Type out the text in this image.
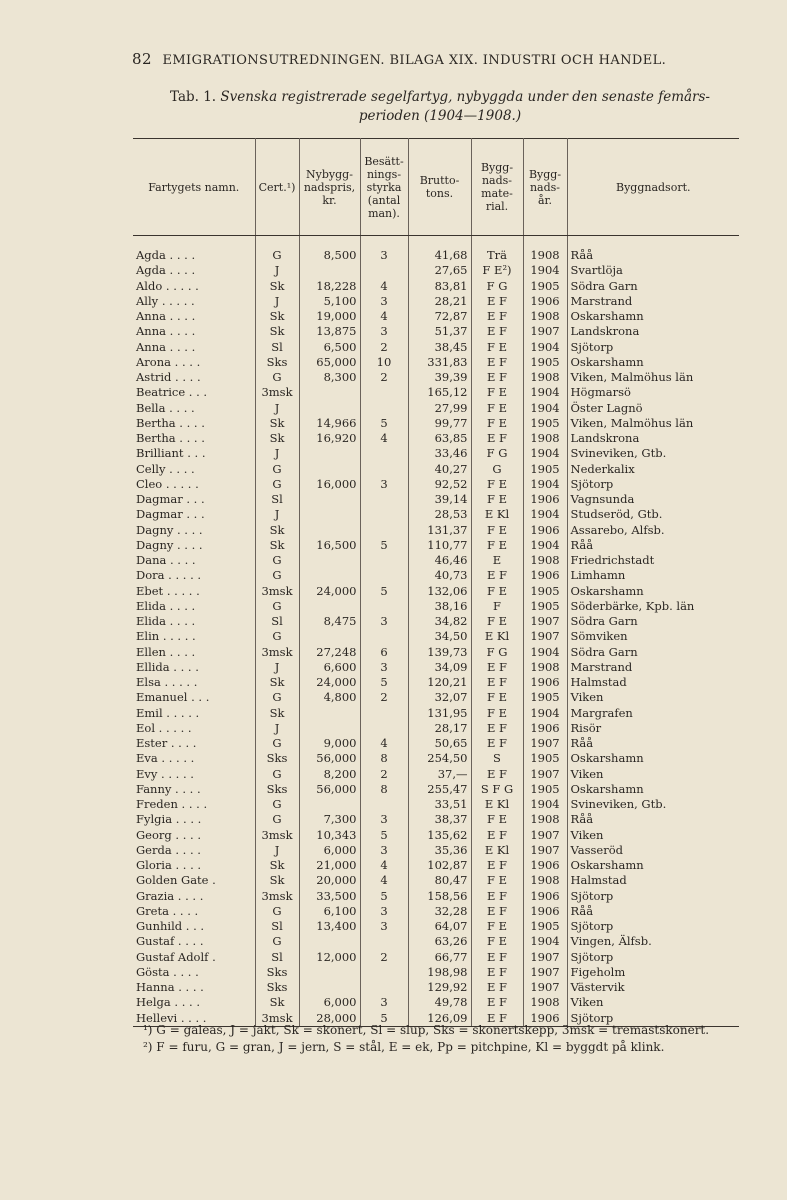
82 EMIGRATIONSUTREDNINGEN. BILAGA XIX. INDUSTRI OCH HANDEL.
Tab. 1. Svenska registrerade segelfartyg, nybyggda under den senaste femårs-
perioden (1904—1908.)
Fartygets namn.	Cert.¹)	Nybygg-nadspris, kr.	Besätt-nings-styrka (antal man).	Brutto-tons.	Bygg-nads-mate-rial.	Bygg-nads-år.	Byggnadsort.
Agda . . . .	G	8,500	3	41,68	Trä	1908	Råå
Agda . . . .	J			27,65	F E²)	1904	Svartlöja
Aldo . . . . .	Sk	18,228	4	83,81	F G	1905	Södra Garn
Ally . . . . .	J	5,100	3	28,21	E F	1906	Marstrand
Anna . . . .	Sk	19,000	4	72,87	E F	1908	Oskarshamn
Anna . . . .	Sk	13,875	3	51,37	E F	1907	Landskrona
Anna . . . .	Sl	6,500	2	38,45	F E	1904	Sjötorp
Arona . . . .	Sks	65,000	10	331,83	E F	1905	Oskarshamn
Astrid . . . .	G	8,300	2	39,39	E F	1908	Viken, Malmöhus län
Beatrice . . .	3msk			165,12	F E	1904	Högmarsö
Bella . . . .	J			27,99	F E	1904	Öster Lagnö
Bertha . . . .	Sk	14,966	5	99,77	F E	1905	Viken, Malmöhus län
Bertha . . . .	Sk	16,920	4	63,85	E F	1908	Landskrona
Brilliant . . .	J			33,46	F G	1904	Svineviken, Gtb.
Celly . . . .	G			40,27	G	1905	Nederkalix
Cleo . . . . .	G	16,000	3	92,52	F E	1904	Sjötorp
Dagmar . . .	Sl			39,14	F E	1906	Vagnsunda
Dagmar . . .	J			28,53	E Kl	1904	Studseröd, Gtb.
Dagny . . . .	Sk			131,37	F E	1906	Assarebo, Alfsb.
Dagny . . . .	Sk	16,500	5	110,77	F E	1904	Råå
Dana . . . .	G			46,46	E	1908	Friedrichstadt
Dora . . . . .	G			40,73	E F	1906	Limhamn
Ebet . . . . .	3msk	24,000	5	132,06	F E	1905	Oskarshamn
Elida . . . .	G			38,16	F	1905	Söderbärke, Kpb. län
Elida . . . .	Sl	8,475	3	34,82	F E	1907	Södra Garn
Elin . . . . .	G			34,50	E Kl	1907	Sömviken
Ellen . . . .	3msk	27,248	6	139,73	F G	1904	Södra Garn
Ellida . . . .	J	6,600	3	34,09	E F	1908	Marstrand
Elsa . . . . .	Sk	24,000	5	120,21	E F	1906	Halmstad
Emanuel . . .	G	4,800	2	32,07	F E	1905	Viken
Emil . . . . .	Sk			131,95	F E	1904	Margrafen
Eol . . . . .	J			28,17	E F	1906	Risör
Ester . . . .	G	9,000	4	50,65	E F	1907	Råå
Eva . . . . .	Sks	56,000	8	254,50	S	1905	Oskarshamn
Evy . . . . .	G	8,200	2	37,—	E F	1907	Viken
Fanny . . . .	Sks	56,000	8	255,47	S F G	1905	Oskarshamn
Freden . . . .	G			33,51	E Kl	1904	Svineviken, Gtb.
Fylgia . . . .	G	7,300	3	38,37	F E	1908	Råå
Georg . . . .	3msk	10,343	5	135,62	E F	1907	Viken
Gerda . . . .	J	6,000	3	35,36	E Kl	1907	Vasseröd
Gloria . . . .	Sk	21,000	4	102,87	E F	1906	Oskarshamn
Golden Gate .	Sk	20,000	4	80,47	F E	1908	Halmstad
Grazia . . . .	3msk	33,500	5	158,56	E F	1906	Sjötorp
Greta . . . .	G	6,100	3	32,28	E F	1906	Råå
Gunhild . . .	Sl	13,400	3	64,07	F E	1905	Sjötorp
Gustaf . . . .	G			63,26	F E	1904	Vingen, Älfsb.
Gustaf Adolf .	Sl	12,000	2	66,77	E F	1907	Sjötorp
Gösta . . . .	Sks			198,98	E F	1907	Figeholm
Hanna . . . .	Sks			129,92	E F	1907	Västervik
Helga . . . .	Sk	6,000	3	49,78	E F	1908	Viken
Hellevi . . . .	3msk	28,000	5	126,09	E F	1906	Sjötorp

¹) G = galeas, J = jakt, Sk = skonert, Sl = slup, Sks = skonertskepp, 3msk = tremastskonert.

²) F = furu, G = gran, J = jern, S = stål, E = ek, Pp = pitchpine, Kl = byggdt på klink.
